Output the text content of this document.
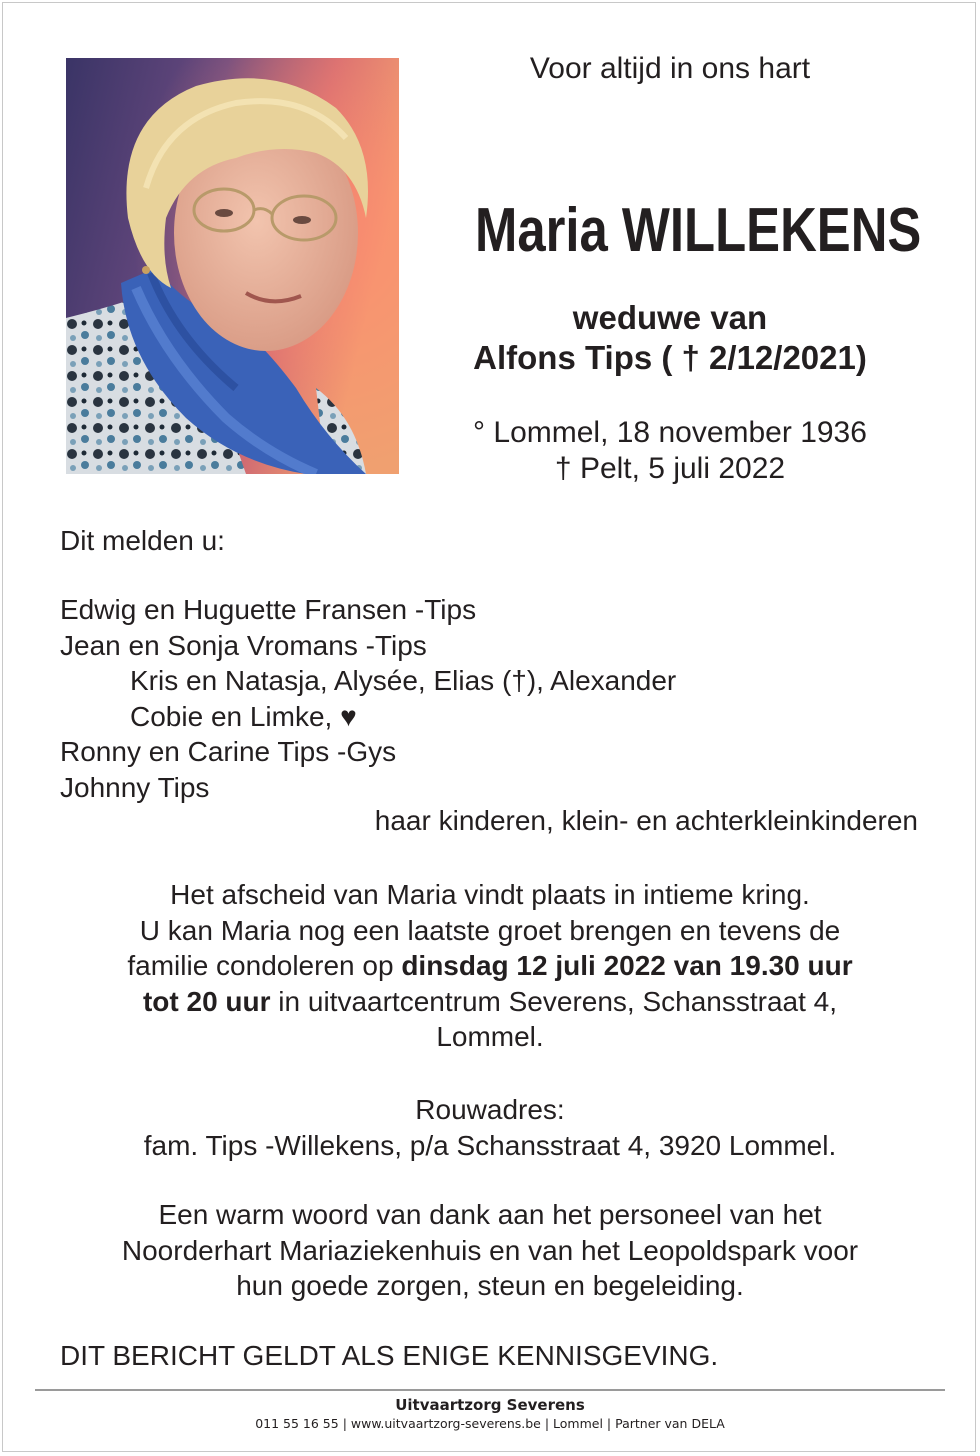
Voor altijd in ons hart
Maria WILLEKENS
weduwe van
Alfons Tips ( † 2/12/2021)
° Lommel, 18 november 1936
† Pelt, 5 juli 2022
Dit melden u:
Edwig en Huguette Fransen -Tips
Jean en Sonja Vromans -Tips
Kris en Natasja, Alysée, Elias (†), Alexander
Cobie en Limke, ♥
Ronny en Carine Tips -Gys
Johnny Tips
haar kinderen, klein- en achterkleinkinderen
Het afscheid van Maria vindt plaats in intieme kring.
U kan Maria nog een laatste groet brengen en tevens de
familie condoleren op dinsdag 12 juli 2022 van 19.30 uur
tot 20 uur in uitvaartcentrum Severens, Schansstraat 4,
Lommel.
Rouwadres:
fam. Tips -Willekens, p/a Schansstraat 4, 3920 Lommel.
Een warm woord van dank aan het personeel van het
Noorderhart Mariaziekenhuis en van het Leopoldspark voor
hun goede zorgen, steun en begeleiding.
DIT BERICHT GELDT ALS ENIGE KENNISGEVING.
Uitvaartzorg Severens
011 55 16 55 | www.uitvaartzorg-severens.be | Lommel | Partner van DELA
